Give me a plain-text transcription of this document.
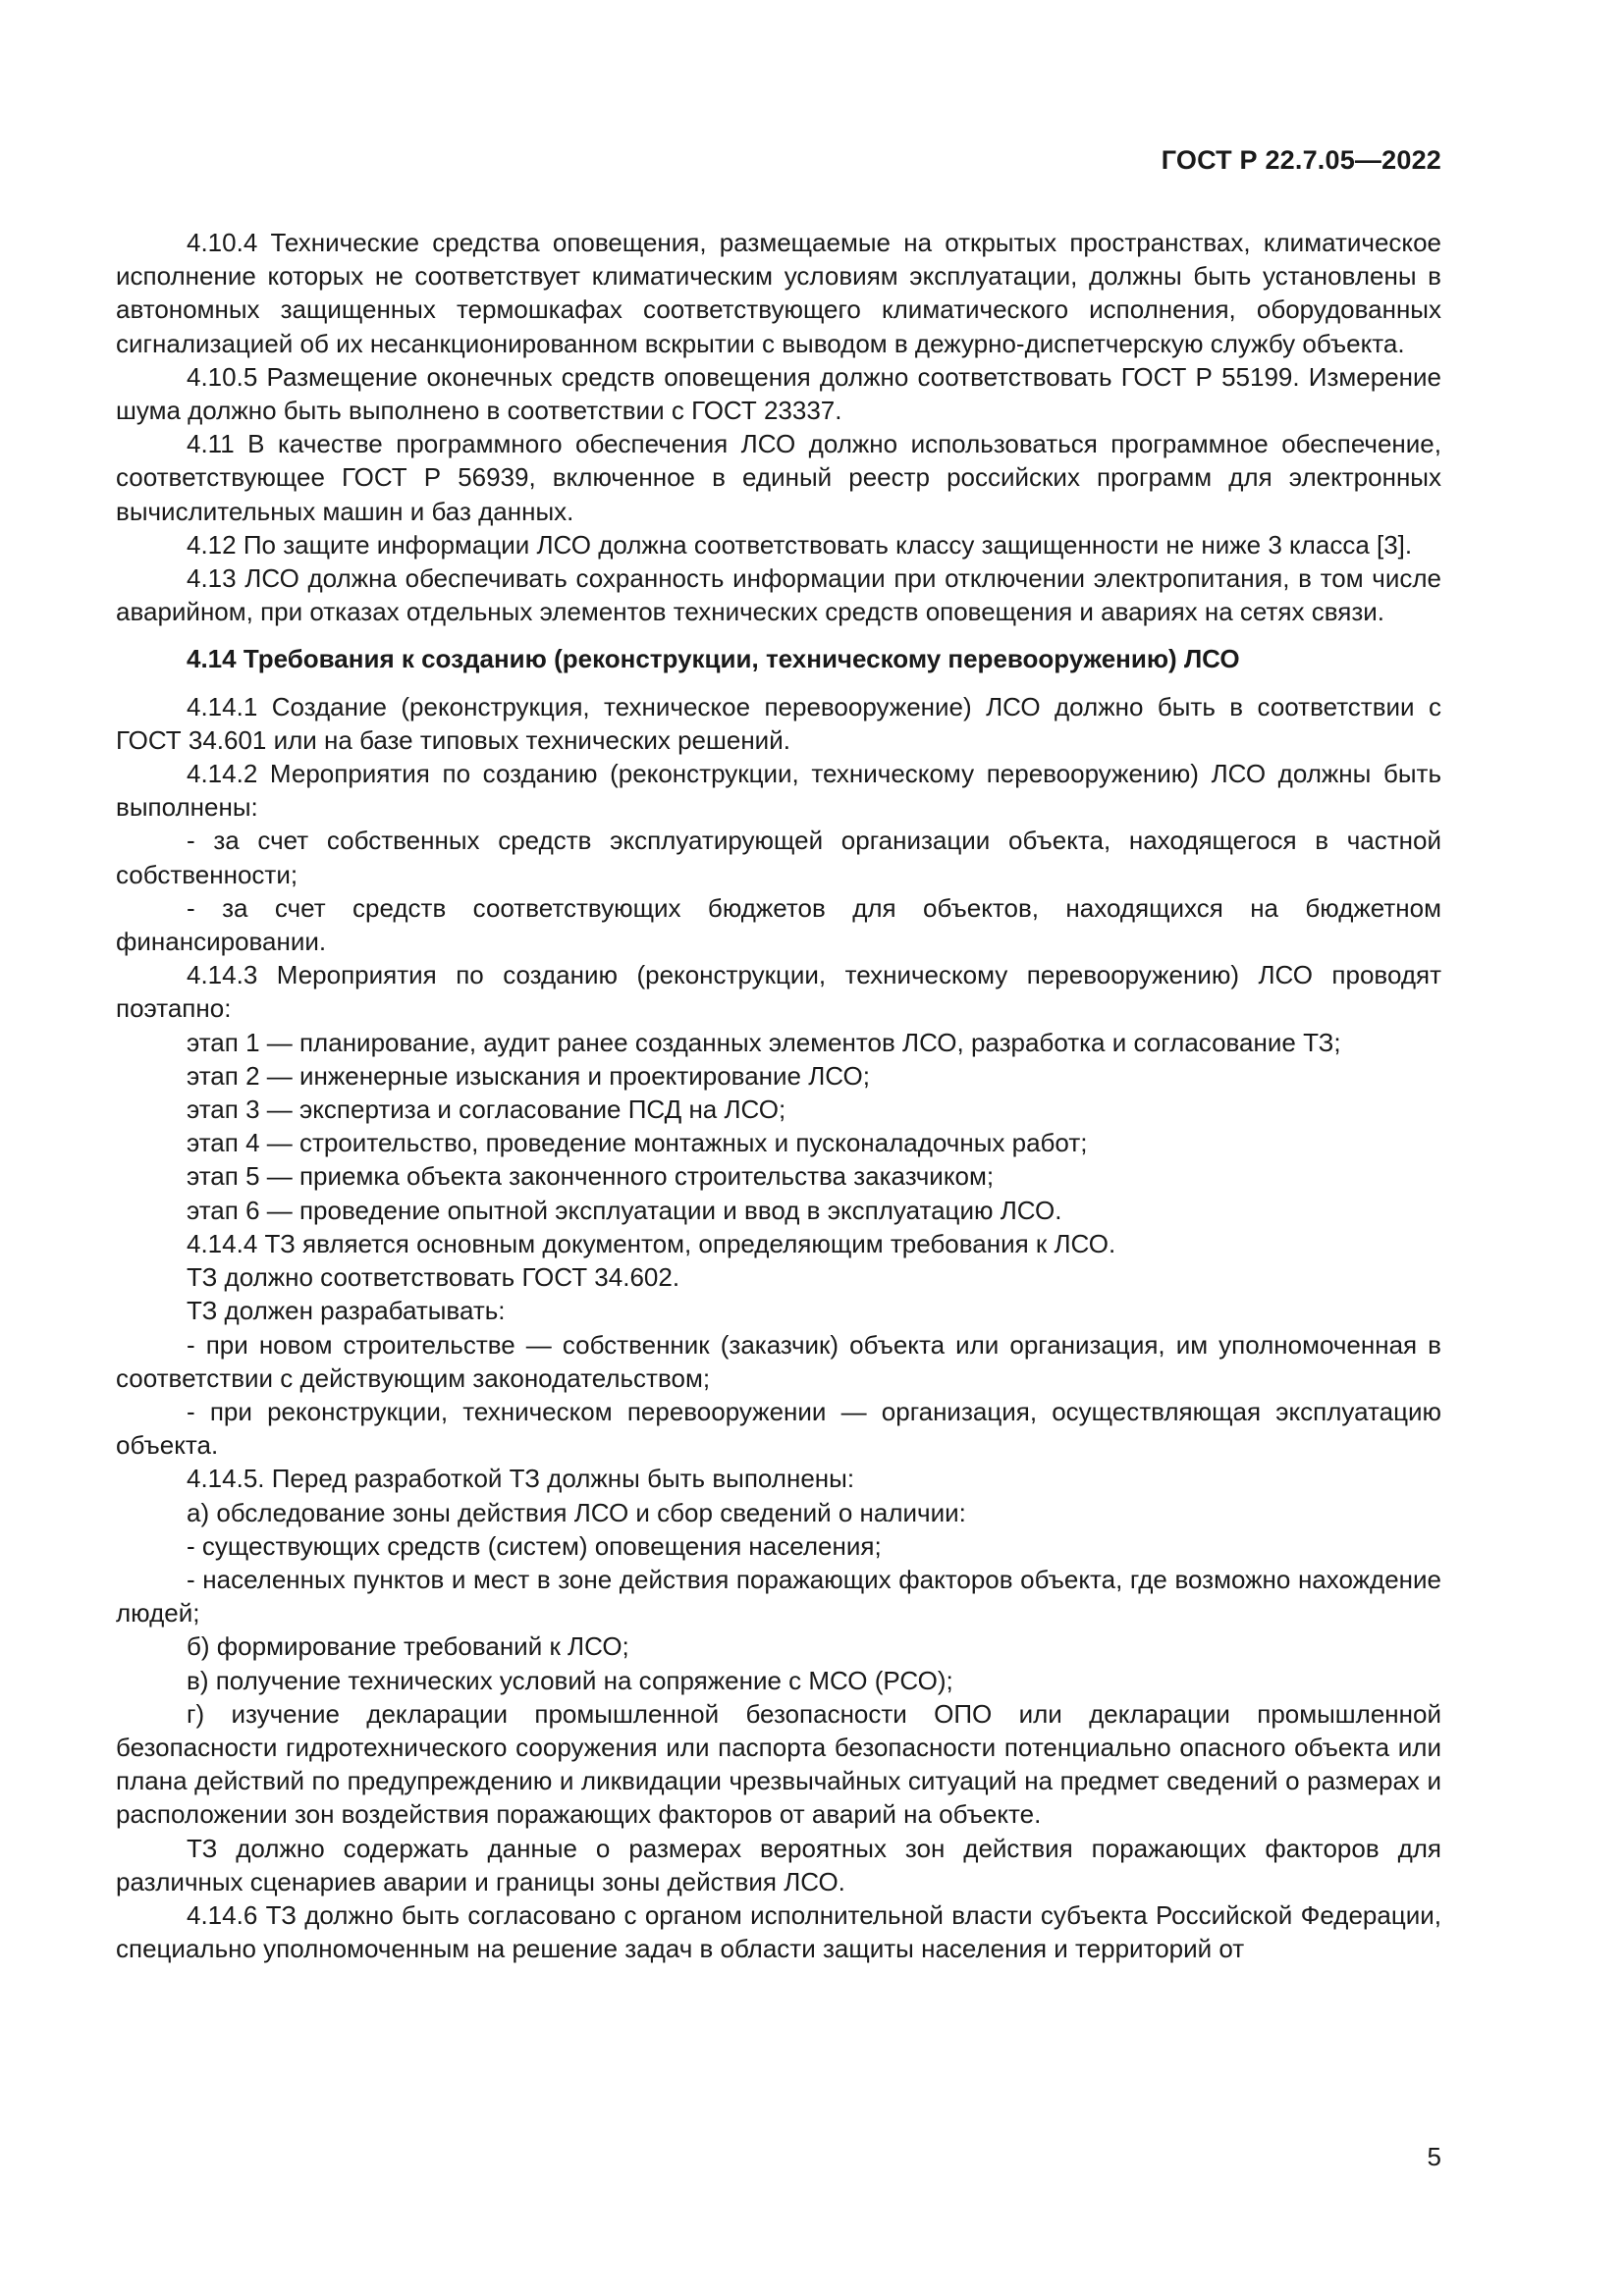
ГОСТ Р 22.7.05—2022

4.10.4 Технические средства оповещения, размещаемые на открытых пространствах, климатическое исполнение которых не соответствует климатическим условиям эксплуатации, должны быть установлены в автономных защищенных термошкафах соответствующего климатического исполнения, оборудованных сигнализацией об их несанкционированном вскрытии с выводом в дежурно-диспетчерскую службу объекта.

4.10.5 Размещение оконечных средств оповещения должно соответствовать ГОСТ Р 55199. Измерение шума должно быть выполнено в соответствии с ГОСТ 23337.

4.11 В качестве программного обеспечения ЛСО должно использоваться программное обеспечение, соответствующее ГОСТ Р 56939, включенное в единый реестр российских программ для электронных вычислительных машин и баз данных.

4.12 По защите информации ЛСО должна соответствовать классу защищенности не ниже 3 класса [3].

4.13 ЛСО должна обеспечивать сохранность информации при отключении электропитания, в том числе аварийном, при отказах отдельных элементов технических средств оповещения и авариях на сетях связи.

4.14 Требования к созданию (реконструкции, техническому перевооружению) ЛСО

4.14.1 Создание (реконструкция, техническое перевооружение) ЛСО должно быть в соответствии с ГОСТ 34.601 или на базе типовых технических решений.

4.14.2 Мероприятия по созданию (реконструкции, техническому перевооружению) ЛСО должны быть выполнены:

- за счет собственных средств эксплуатирующей организации объекта, находящегося в частной собственности;

- за счет средств соответствующих бюджетов для объектов, находящихся на бюджетном финансировании.

4.14.3 Мероприятия по созданию (реконструкции, техническому перевооружению) ЛСО проводят поэтапно:

этап 1 — планирование, аудит ранее созданных элементов ЛСО, разработка и согласование ТЗ;

этап 2 — инженерные изыскания и проектирование ЛСО;

этап 3 — экспертиза и согласование ПСД на ЛСО;

этап 4 — строительство, проведение монтажных и пусконаладочных работ;

этап 5 — приемка объекта законченного строительства заказчиком;

этап 6 — проведение опытной эксплуатации и ввод в эксплуатацию ЛСО.

4.14.4 ТЗ является основным документом, определяющим требования к ЛСО.

ТЗ должно соответствовать ГОСТ 34.602.

ТЗ должен разрабатывать:

- при новом строительстве — собственник (заказчик) объекта или организация, им уполномоченная в соответствии с действующим законодательством;

- при реконструкции, техническом перевооружении — организация, осуществляющая эксплуатацию объекта.

4.14.5. Перед разработкой ТЗ должны быть выполнены:

а) обследование зоны действия ЛСО и сбор сведений о наличии:

- существующих средств (систем) оповещения населения;

- населенных пунктов и мест в зоне действия поражающих факторов объекта, где возможно нахождение людей;

б) формирование требований к ЛСО;

в) получение технических условий на сопряжение с МСО (РСО);

г) изучение декларации промышленной безопасности ОПО или декларации промышленной безопасности гидротехнического сооружения или паспорта безопасности потенциально опасного объекта или плана действий по предупреждению и ликвидации чрезвычайных ситуаций на предмет сведений о размерах и расположении зон воздействия поражающих факторов от аварий на объекте.

ТЗ должно содержать данные о размерах вероятных зон действия поражающих факторов для различных сценариев аварии и границы зоны действия ЛСО.

4.14.6 ТЗ должно быть согласовано с органом исполнительной власти субъекта Российской Федерации, специально уполномоченным на решение задач в области защиты населения и территорий от

5
